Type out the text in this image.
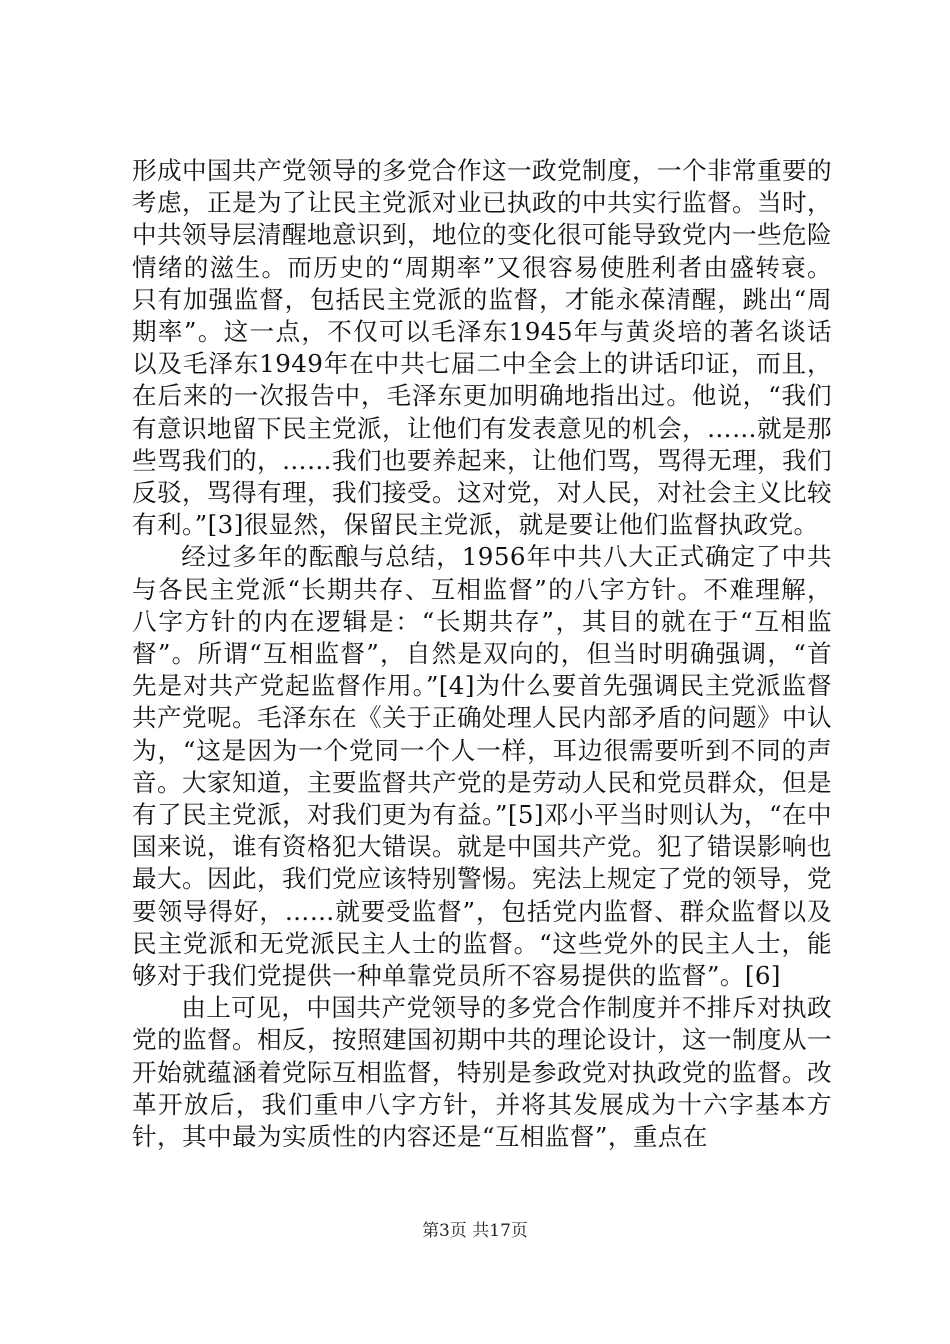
形成中国共产党领导的多党合作这一政党制度，一个非常重要的考虑，正是为了让民主党派对业已执政的中共实行监督。当时，中共领导层清醒地意识到，地位的变化很可能导致党内一些危险情绪的滋生。而历史的“周期率”又很容易使胜利者由盛转衰。只有加强监督，包括民主党派的监督，才能永葆清醒，跳出“周期率”。这一点，不仅可以毛泽东1945年与黄炎培的著名谈话以及毛泽东1949年在中共七届二中全会上的讲话印证，而且，在后来的一次报告中，毛泽东更加明确地指出过。他说，“我们有意识地留下民主党派，让他们有发表意见的机会，……就是那些骂我们的，……我们也要养起来，让他们骂，骂得无理，我们反驳，骂得有理，我们接受。这对党，对人民，对社会主义比较有利。”[3]很显然，保留民主党派，就是要让他们监督执政党。

经过多年的酝酿与总结，1956年中共八大正式确定了中共与各民主党派“长期共存、互相监督”的八字方针。不难理解，八字方针的内在逻辑是：“长期共存”，其目的就在于“互相监督”。所谓“互相监督”，自然是双向的，但当时明确强调，“首先是对共产党起监督作用。”[4]为什么要首先强调民主党派监督共产党呢。毛泽东在《关于正确处理人民内部矛盾的问题》中认为，“这是因为一个党同一个人一样，耳边很需要听到不同的声音。大家知道，主要监督共产党的是劳动人民和党员群众，但是有了民主党派，对我们更为有益。”[5]邓小平当时则认为，“在中国来说，谁有资格犯大错误。就是中国共产党。犯了错误影响也最大。因此，我们党应该特别警惕。宪法上规定了党的领导，党要领导得好，……就要受监督”，包括党内监督、群众监督以及民主党派和无党派民主人士的监督。“这些党外的民主人士，能够对于我们党提供一种单靠党员所不容易提供的监督”。[6]

由上可见，中国共产党领导的多党合作制度并不排斥对执政党的监督。相反，按照建国初期中共的理论设计，这一制度从一开始就蕴涵着党际互相监督，特别是参政党对执政党的监督。改革开放后，我们重申八字方针，并将其发展成为十六字基本方针，其中最为实质性的内容还是“互相监督”，重点在

第3页 共17页
